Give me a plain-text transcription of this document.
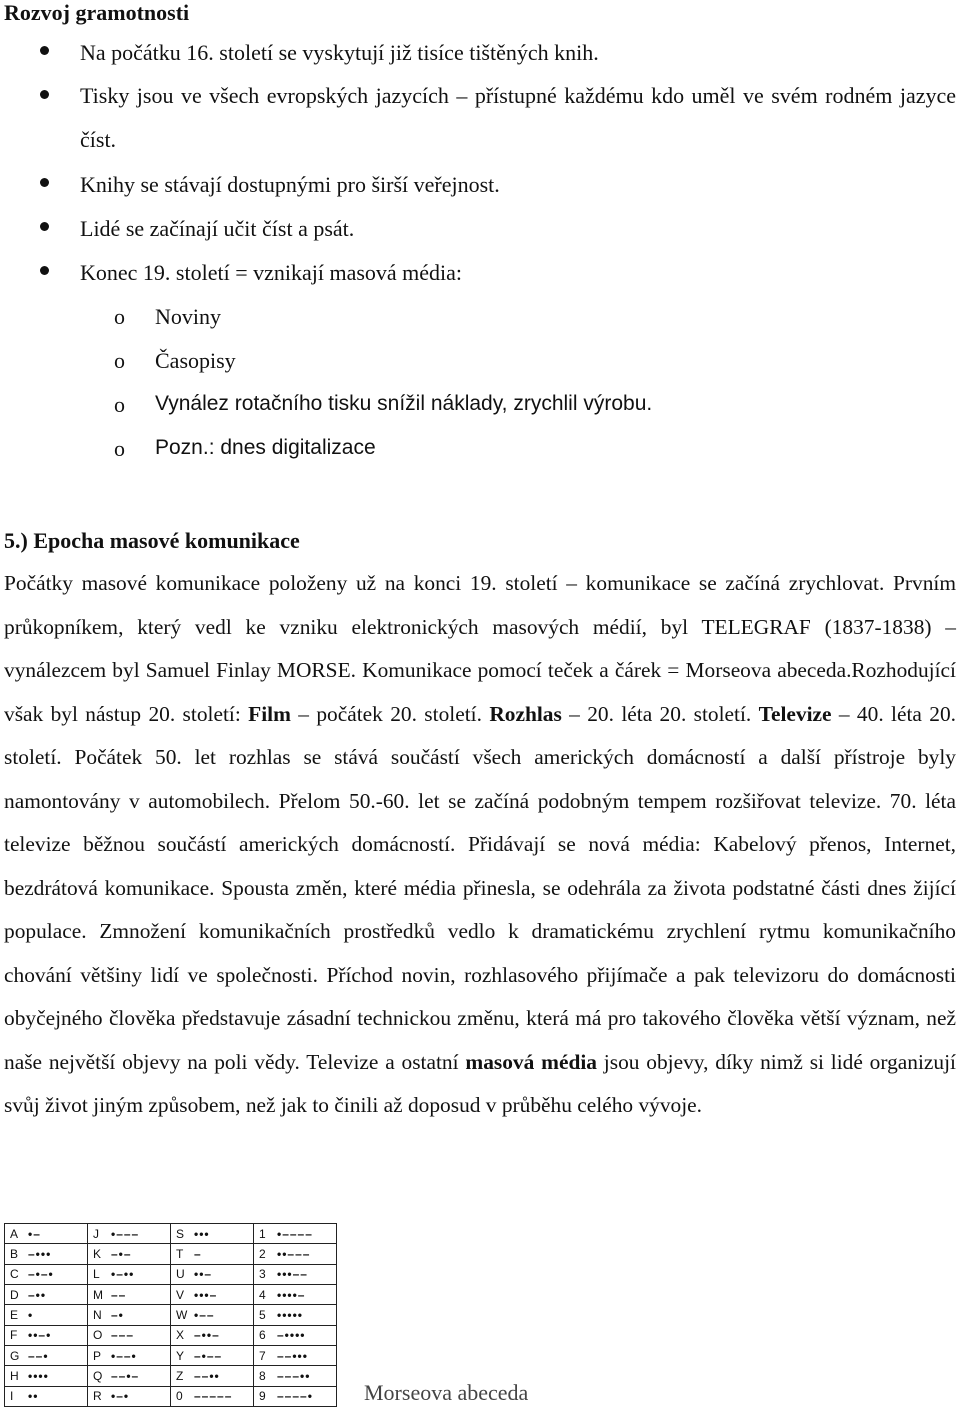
Rozvoj gramotnosti
Na počátku 16. století se vyskytují již tisíce tištěných knih.
Tisky jsou ve všech evropských jazycích – přístupné každému kdo uměl ve svém rodném jazyce číst.
Knihy se stávají dostupnými pro širší veřejnost.
Lidé se začínají učit číst a psát.
Konec 19. století = vznikají masová média:
o Noviny
o Časopisy
o Vynález rotačního tisku snížil náklady, zrychlil výrobu.
o Pozn.: dnes digitalizace
5.) Epocha masové komunikace
Počátky masové komunikace položeny už na konci 19. století – komunikace se začíná zrychlovat. Prvním průkopníkem, který vedl ke vzniku elektronických masových médií, byl TELEGRAF (1837-1838) – vynálezcem byl Samuel Finlay MORSE. Komunikace pomocí teček a čárek = Morseova abeceda.Rozhodující však byl nástup 20. století: Film – počátek 20. století. Rozhlas – 20. léta 20. století. Televize – 40. léta 20. století. Počátek 50. let rozhlas se stává součástí všech amerických domácností a další přístroje byly namontovány v automobilech. Přelom 50.-60. let se začíná podobným tempem rozšiřovat televize. 70. léta televize běžnou součástí amerických domácností. Přidávají se nová média: Kabelový přenos, Internet, bezdrátová komunikace. Spousta změn, které média přinesla, se odehrála za života podstatné části dnes žijící populace. Zmnožení komunikačních prostředků vedlo k dramatickému zrychlení rytmu komunikačního chování většiny lidí ve společnosti. Příchod novin, rozhlasového přijímače a pak televizoru do domácnosti obyčejného člověka představuje zásadní technickou změnu, která má pro takového člověka větší význam, než naše největší objevy na poli vědy. Televize a ostatní masová média jsou objevy, díky nimž si lidé organizují svůj život jiným způsobem, než jak to činili až doposud v průběhu celého vývoje.
A •–	J •–––	S •••	1 •––––
B –•••	K –•–	T –	2 ••–––
C –•–•	L •–••	U ••–	3 •••––
D –••	M ––	V •••–	4 ••••–
E •	N –•	W •––	5 •••••
F ••–•	O –––	X –••–	6 –••••
G ––•	P •––•	Y –•––	7 ––•••
H ••••	Q ––•–	Z ––••	8 –––••
I ••	R •–•	0 –––––	9 ––––• Morseova abeceda
